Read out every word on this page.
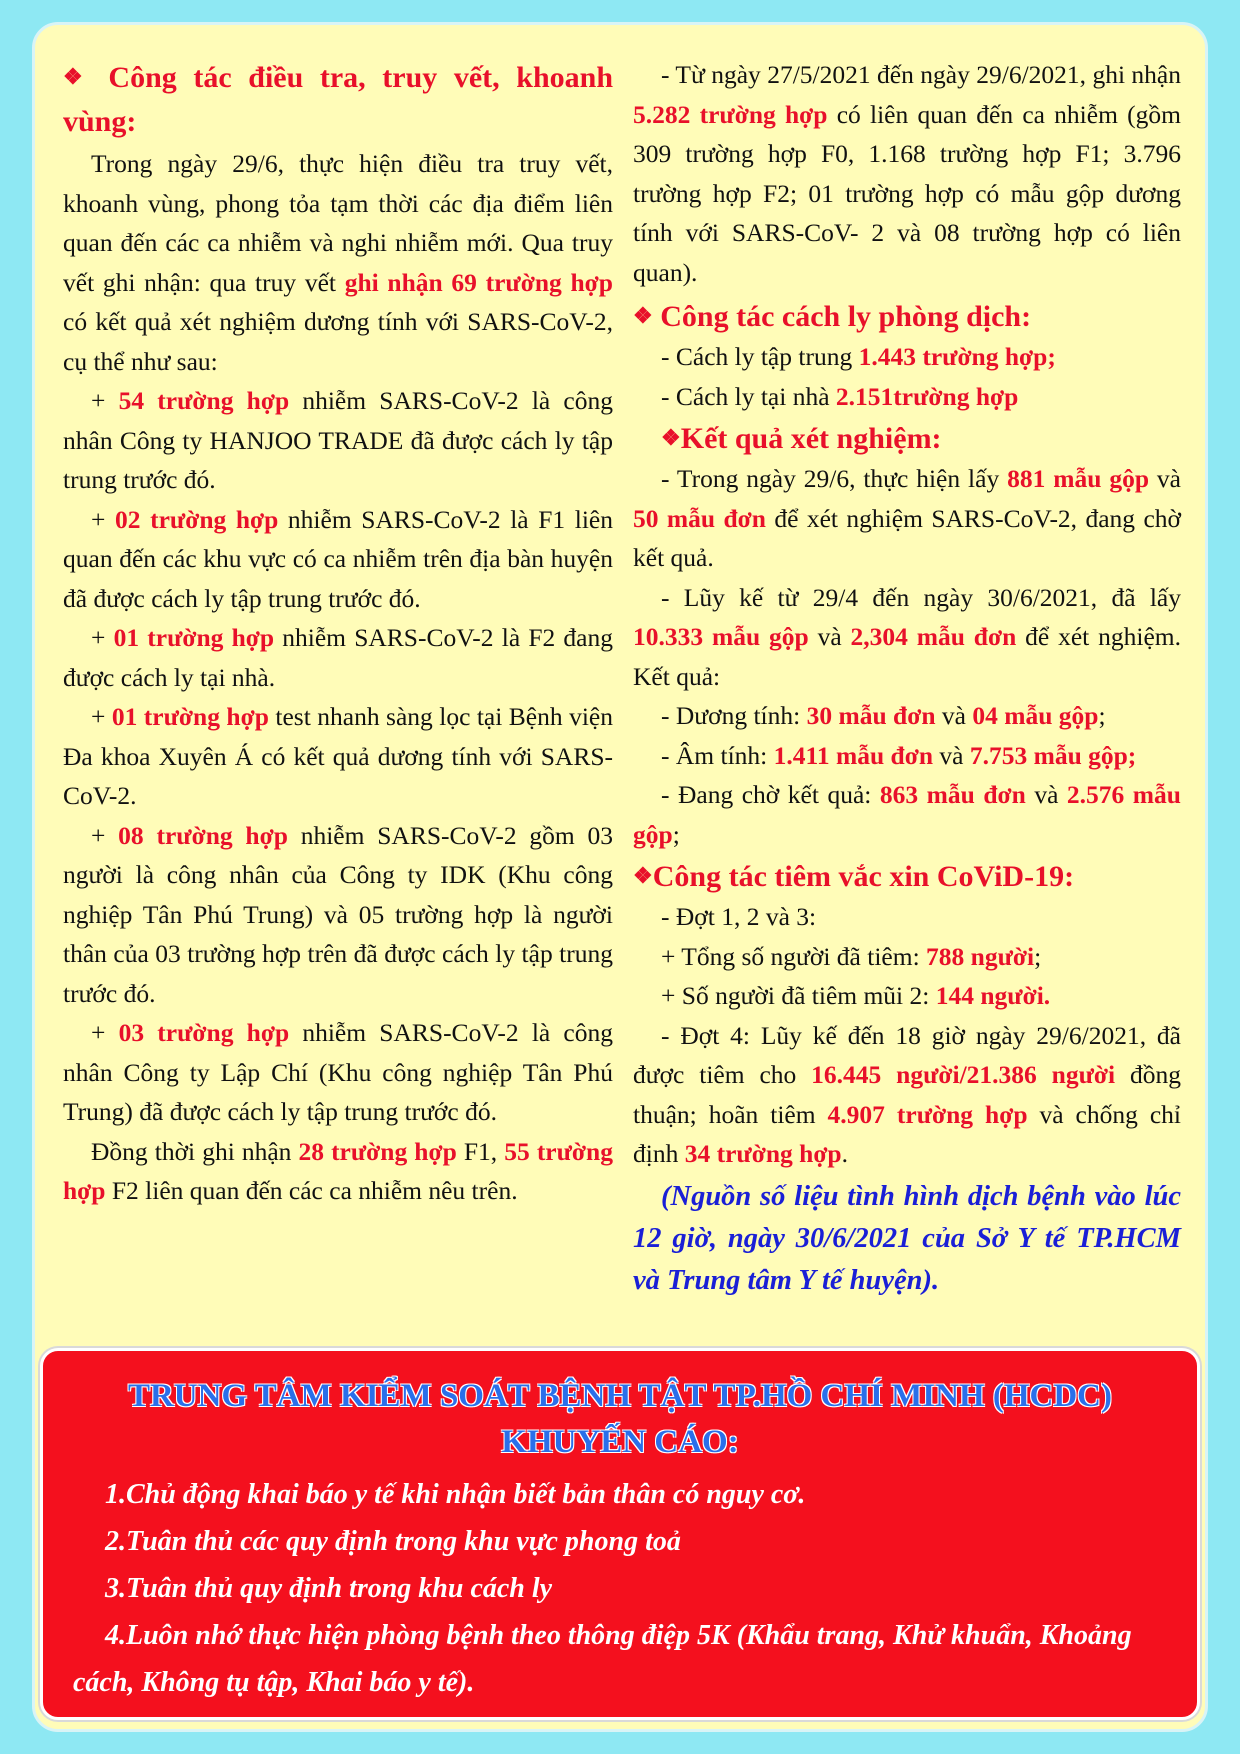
❖ Công tác điều tra, truy vết, khoanh vùng:

Trong ngày 29/6, thực hiện điều tra truy vết, khoanh vùng, phong tỏa tạm thời các địa điểm liên quan đến các ca nhiễm và nghi nhiễm mới. Qua truy vết ghi nhận: qua truy vết ghi nhận 69 trường hợp có kết quả xét nghiệm dương tính với SARS-CoV-2, cụ thể như sau:

+ 54 trường hợp nhiễm SARS-CoV-2 là công nhân Công ty HANJOO TRADE đã được cách ly tập trung trước đó.

+ 02 trường hợp nhiễm SARS-CoV-2 là F1 liên quan đến các khu vực có ca nhiễm trên địa bàn huyện đã được cách ly tập trung trước đó.

+ 01 trường hợp nhiễm SARS-CoV-2 là F2 đang được cách ly tại nhà.

+ 01 trường hợp test nhanh sàng lọc tại Bệnh viện Đa khoa Xuyên Á có kết quả dương tính với SARS-CoV-2.

+ 08 trường hợp nhiễm SARS-CoV-2 gồm 03 người là công nhân của Công ty IDK (Khu công nghiệp Tân Phú Trung) và 05 trường hợp là người thân của 03 trường hợp trên đã được cách ly tập trung trước đó.

+ 03 trường hợp nhiễm SARS-CoV-2 là công nhân Công ty Lập Chí (Khu công nghiệp Tân Phú Trung) đã được cách ly tập trung trước đó.

Đồng thời ghi nhận 28 trường hợp F1, 55 trường hợp F2 liên quan đến các ca nhiễm nêu trên.

- Từ ngày 27/5/2021 đến ngày 29/6/2021, ghi nhận 5.282 trường hợp có liên quan đến ca nhiễm (gồm 309 trường hợp F0, 1.168 trường hợp F1; 3.796 trường hợp F2; 01 trường hợp có mẫu gộp dương tính với SARS-CoV- 2 và 08 trường hợp có liên quan).

❖ Công tác cách ly phòng dịch:

- Cách ly tập trung 1.443 trường hợp;

- Cách ly tại nhà 2.151trường hợp

❖Kết quả xét nghiệm:

- Trong ngày 29/6, thực hiện lấy 881 mẫu gộp và 50 mẫu đơn để xét nghiệm SARS-CoV-2, đang chờ kết quả.

- Lũy kế từ 29/4 đến ngày 30/6/2021, đã lấy 10.333 mẫu gộp và 2,304 mẫu đơn để xét nghiệm. Kết quả:

- Dương tính: 30 mẫu đơn và 04 mẫu gộp;

- Âm tính: 1.411 mẫu đơn và 7.753 mẫu gộp;

- Đang chờ kết quả: 863 mẫu đơn và 2.576 mẫu gộp;

❖Công tác tiêm vắc xin CoViD-19:

- Đợt 1, 2 và 3:

+ Tổng số người đã tiêm: 788 người;

+ Số người đã tiêm mũi 2: 144 người.

- Đợt 4: Lũy kế đến 18 giờ ngày 29/6/2021, đã được tiêm cho 16.445 người/21.386 người đồng thuận; hoãn tiêm 4.907 trường hợp và chống chỉ định 34 trường hợp.

(Nguồn số liệu tình hình dịch bệnh vào lúc 12 giờ, ngày 30/6/2021 của Sở Y tế TP.HCM và Trung tâm Y tế huyện).

TRUNG TÂM KIỂM SOÁT BỆNH TẬT TP.HỒ CHÍ MINH (HCDC)

KHUYẾN CÁO:

1.Chủ động khai báo y tế khi nhận biết bản thân có nguy cơ.

2.Tuân thủ các quy định trong khu vực phong toả

3.Tuân thủ quy định trong khu cách ly

4.Luôn nhớ thực hiện phòng bệnh theo thông điệp 5K (Khẩu trang, Khử khuẩn, Khoảng cách, Không tụ tập, Khai báo y tế).
